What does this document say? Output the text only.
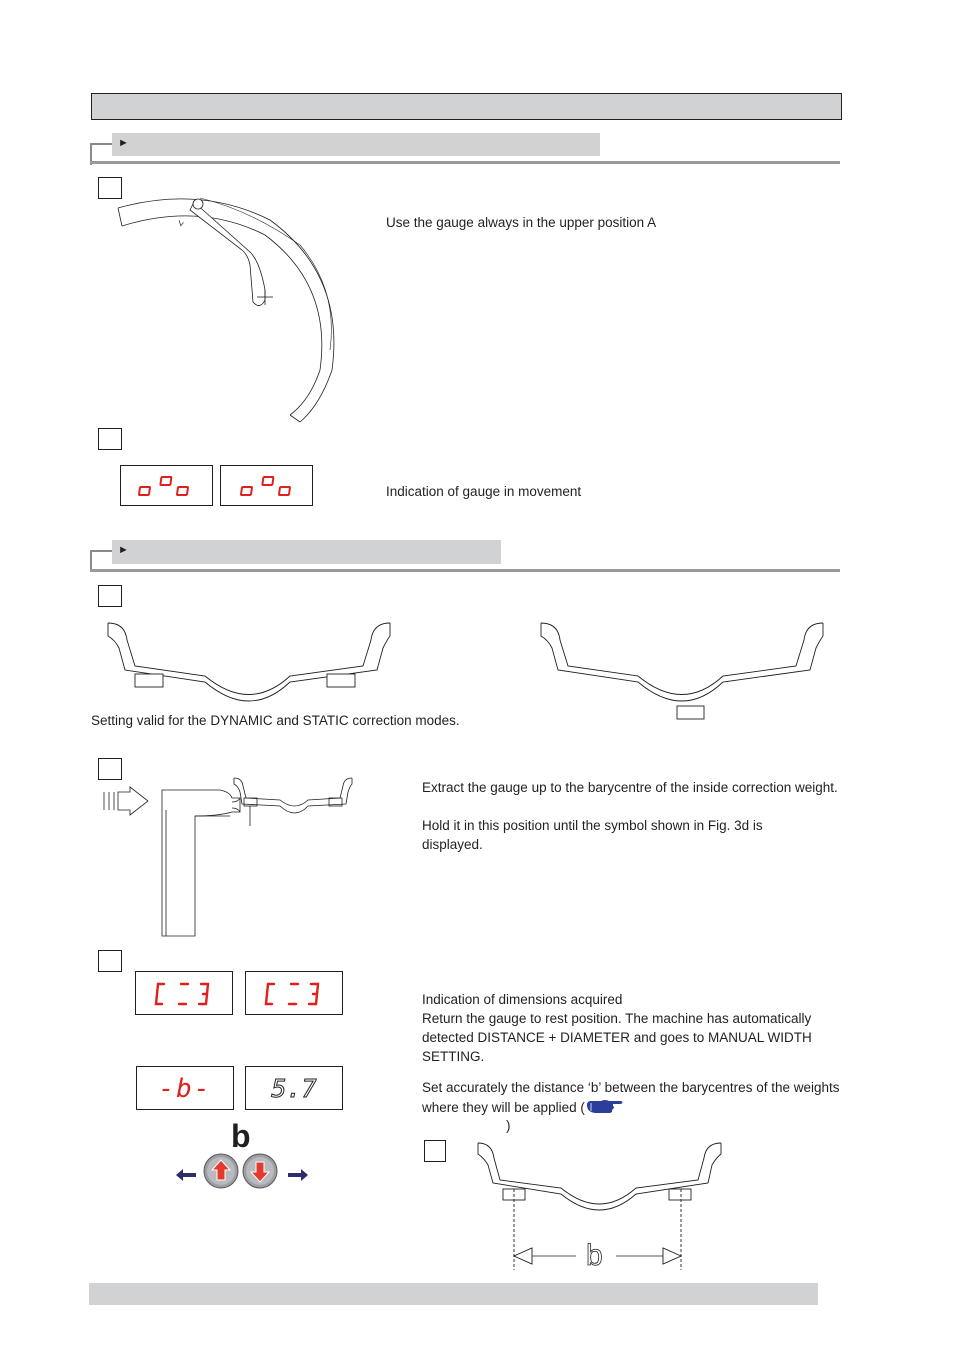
►
∠	Use the gauge always in the upper position A
Indication of gauge in movement
►
Setting valid for the DYNAMIC and STATIC correction modes.
Extract the gauge up to the barycentre of the inside correction weight.
Hold it in this position until the symbol shown in Fig. 3d is displayed.
Indication of dimensions acquired
Return the gauge to rest position. The machine has automatically detected DISTANCE + DIAMETER and goes to MANUAL WIDTH SETTING.
-b-	5.7	Set accurately the distance ‘b’ between the barycentres of the weights where they will be applied (
)
b
b
